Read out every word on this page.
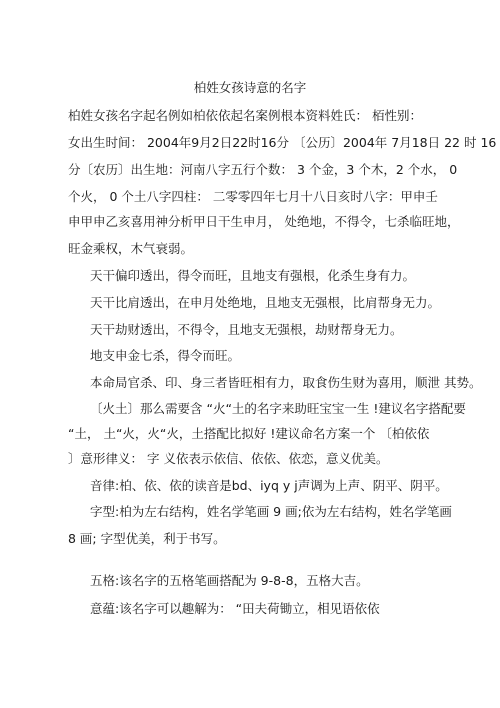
柏姓女孩诗意的名字
柏姓女孩名字起名例如柏依依起名案例根本资料姓氏： 栢性别：
女出生时间： 2004年9月2日22时16分 〔公历〕2004年 7月18日 22 时 16
分〔农历〕出生地：河南八字五行个数： 3 个金，3 个木，2 个水， 0
个火， 0 个土八字四柱： 二零零四年七月十八日亥时八字：甲申壬
申甲申乙亥喜用神分析甲日干生申月， 处绝地，不得令，七杀临旺地，
旺金乘权，木气衰弱。
天干偏印透出，得令而旺，且地支有强根，化杀生身有力。
天干比肩透出，在申月处绝地，且地支无强根，比肩帮身无力。
天干劫财透出，不得令，且地支无强根，劫财帮身无力。
地支申金七杀，得令而旺。
本命局官杀、印、身三者皆旺相有力，取食伤生财为喜用，顺泄 其势。
〔火土〕那么需要含 “火“土的名字来助旺宝宝一生 !建议名字搭配要
“土， 土“火，火“火，土搭配比拟好 !建议命名方案一个 〔柏依依
〕意形律义： 字 义依表示依信、依依、依恋，意义优美。
音律:柏、依、依的读音是bd、iyq y j声调为上声、阴平、阴平。
字型:柏为左右结构，姓名学笔画 9 画;依为左右结构，姓名学笔画
8 画; 字型优美，利于书写。
五格:该名字的五格笔画搭配为 9-8-8，五格大吉。
意蕴:该名字可以趣解为： “田夫荷锄立，相见语依依
